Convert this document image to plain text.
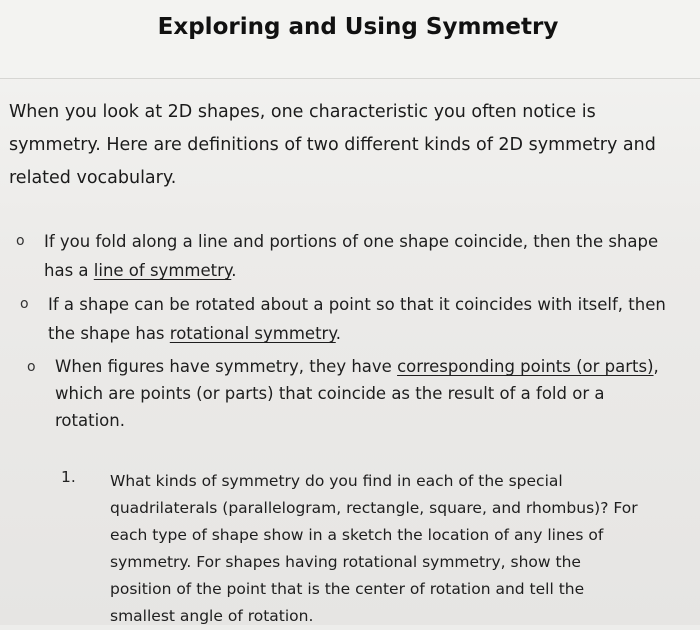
Exploring and Using Symmetry

When you look at 2D shapes, one characteristic you often notice is symmetry. Here are definitions of two different kinds of 2D symmetry and related vocabulary.

o If you fold along a line and portions of one shape coincide, then the shape
has a line of symmetry.
o If a shape can be rotated about a point so that it coincides with itself, then
the shape has rotational symmetry.
o When figures have symmetry, they have corresponding points (or parts),
which are points (or parts) that coincide as the result of a fold or a
rotation.
1. What kinds of symmetry do you find in each of the special
quadrilaterals (parallelogram, rectangle, square, and rhombus)? For
each type of shape show in a sketch the location of any lines of
symmetry. For shapes having rotational symmetry, show the
position of the point that is the center of rotation and tell the
smallest angle of rotation.
